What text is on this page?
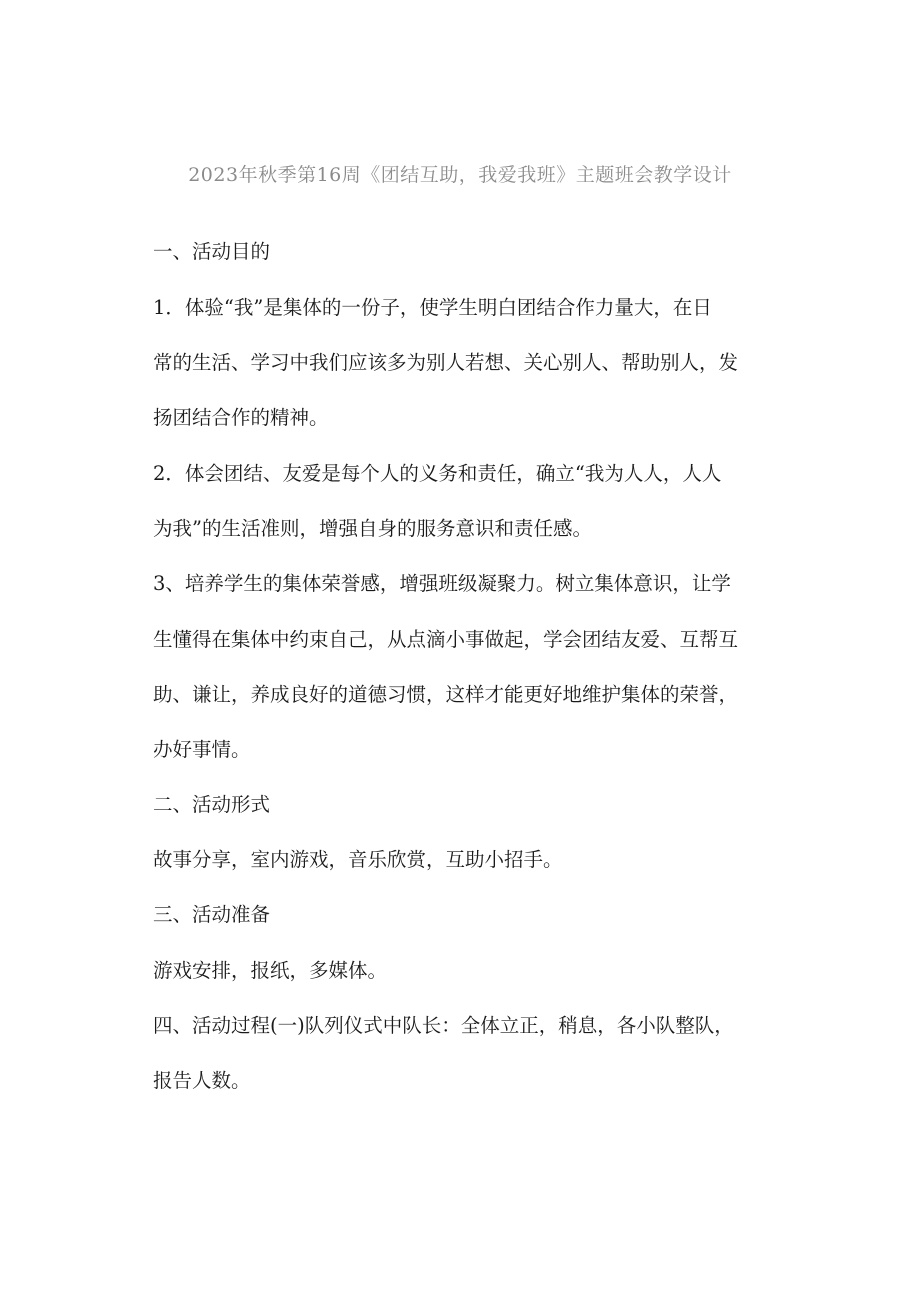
2023年秋季第16周《团结互助，我爱我班》主题班会教学设计
一、活动目的
1．体验“我”是集体的一份子，使学生明白团结合作力量大，在日
常的生活、学习中我们应该多为别人若想、关心别人、帮助别人，发
扬团结合作的精神。
2．体会团结、友爱是每个人的义务和责任，确立“我为人人，人人
为我”的生活准则，增强自身的服务意识和责任感。
3、培养学生的集体荣誉感，增强班级凝聚力。树立集体意识，让学
生懂得在集体中约束自己，从点滴小事做起，学会团结友爱、互帮互
助、谦让，养成良好的道德习惯，这样才能更好地维护集体的荣誉，
办好事情。
二、活动形式
故事分享，室内游戏，音乐欣赏，互助小招手。
三、活动准备
游戏安排，报纸，多媒体。
四、活动过程(一)队列仪式中队长：全体立正，稍息，各小队整队，
报告人数。
